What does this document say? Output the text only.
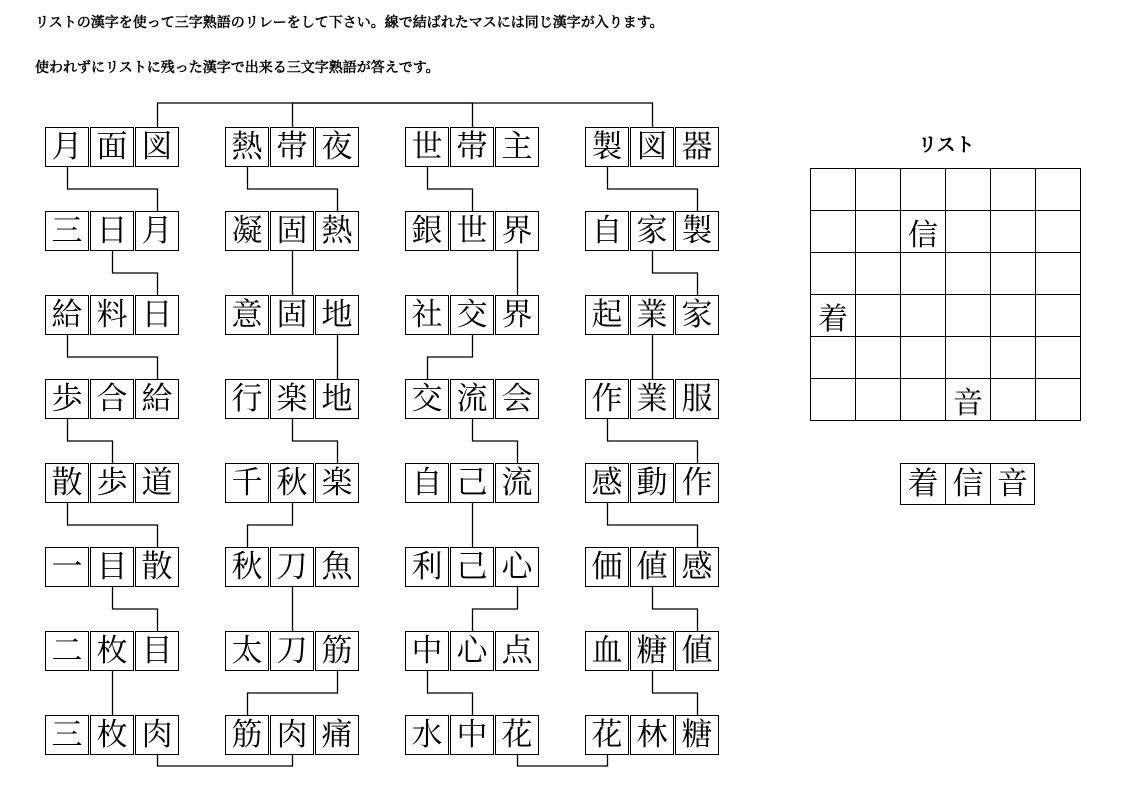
リストの漢字を使って三字熟語のリレーをして下さい。線で結ばれたマスには同じ漢字が入ります。
使われずにリストに残った漢字で出来る三文字熟語が答えです。
月 面 図
三 日 月
給 料 日
歩 合 給
散 歩 道
一 目 散
二 枚 目
三 枚 肉
熱 帯 夜
凝 固 熱
意 固 地
行 楽 地
千 秋 楽
秋 刀 魚
太 刀 筋
筋 肉 痛
世 帯 主
銀 世 界
社 交 界
交 流 会
自 己 流
利 己 心
中 心 点
水 中 花
製 図 器
自 家 製
起 業 家
作 業 服
感 動 作
価 値 感
血 糖 値
花 林 糖
リスト
信
着
音
着 信 音
